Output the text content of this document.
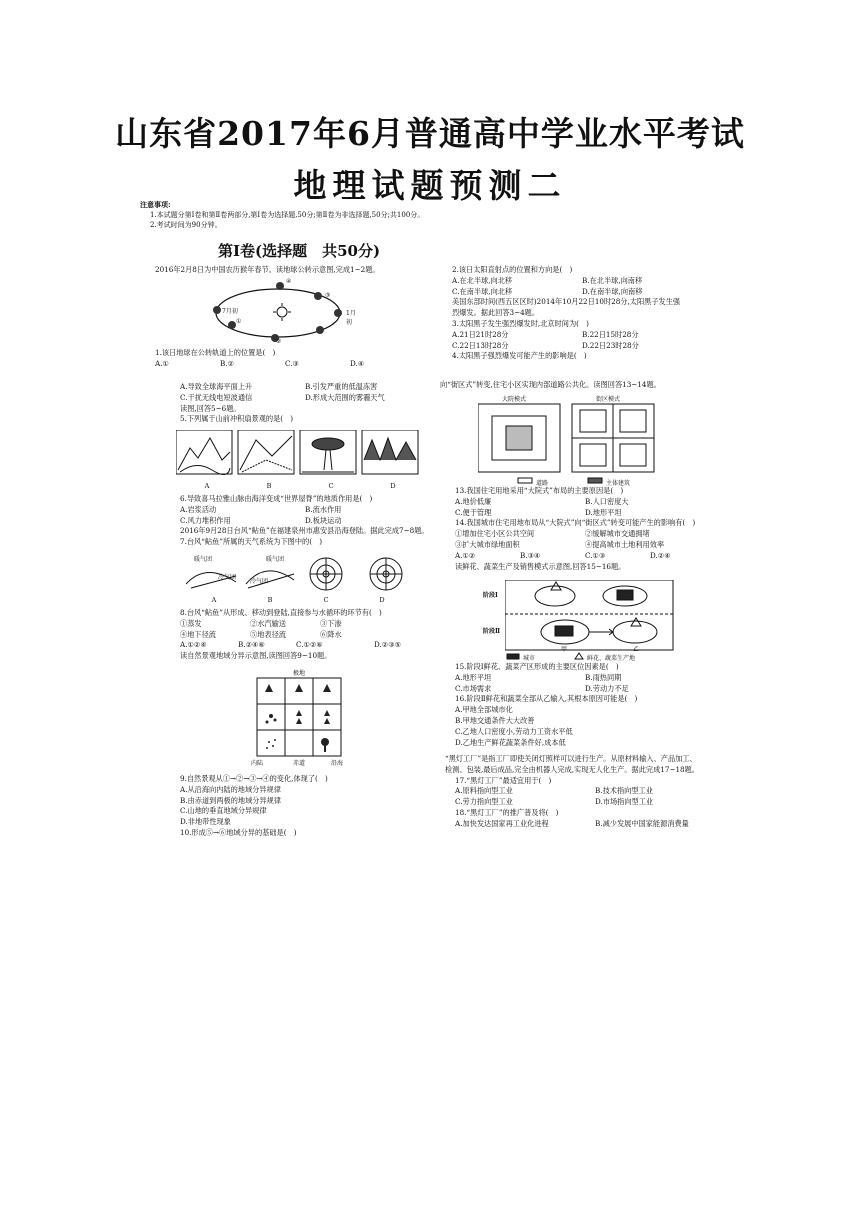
山东省2017年6月普通高中学业水平考试
地理试题预测二
注意事项:
1.本试题分第Ⅰ卷和第Ⅱ卷两部分,第Ⅰ卷为选择题,50分;第Ⅱ卷为非选择题,50分;共100分。
2.考试时间为90分钟。
第Ⅰ卷(选择题　共50分)
2016年2月8日为中国农历猴年春节。读地球公转示意图,完成1~2题。
7月初	1月初
①
②
③
④
1.该日地球在公转轨道上的位置是(　)
A.①	B.②	C.③	D.④
A.导致全球海平面上升	B.引发严重的低温冻害
C.干扰无线电短波通信	D.形成大范围的雾霾天气
读图,回答5~6题。
5.下列属于山前冲积扇景观的是(　)
A	B	C	D
6.导致喜马拉雅山脉由海洋变成“世界屋脊”的地质作用是(　)
A.岩浆活动	B.流水作用
C.风力堆积作用	D.板块运动
2016年9月28日台风“鲇鱼”在福建泉州市惠安县沿海登陆。据此完成7~8题。
7.台风“鲇鱼”所属的天气系统为下图中的(　)
暖气团
冷气团
暖气团
冷气团
A	B	C	D
8.台风“鲇鱼”从形成、移动到登陆,直接参与水循环的环节有(　)
①蒸发	②水汽输送	③下渗
④地下径流	⑤地表径流	⑥降水
A.①②④	B.②④⑥	C.①②⑥	D.②③⑤
读自然景观地域分异示意图,读图回答9~10题。
极地
内陆	赤道	沿海
9.自然景观从①→②→③→④的变化,体现了(　)
A.从沿海向内陆的地域分异规律
B.由赤道到两极的地域分异规律
C.山地的垂直地域分异规律
D.非地带性现象
10.形成⑤→⑥地域分异的基础是(　)
2.该日太阳直射点的位置和方向是(　)
A.在北半球,向北移	B.在北半球,向南移
C.在南半球,向北移	D.在南半球,向南移
美国东部时间(西五区区时)2014年10月22日10时28分,太阳黑子发生强
烈爆发。据此回答3~4题。
3.太阳黑子发生强烈爆发时,北京时间为(　)
A.21日21时28分	B.22日15时28分
C.22日13时28分	D.22日23时28分
4.太阳黑子强烈爆发可能产生的影响是(　)
向“街区式”转变,住宅小区实现内部道路公共化。读图回答13~14题。
大院模式	街区模式
道路	主体建筑
13.我国住宅用地采用“大院式”布局的主要原因是(　)
A.地价低廉	B.人口密度大
C.便于管理	D.地形平坦
14.我国城市住宅用地布局从“大院式”向“街区式”转变可能产生的影响有(　)
①增加住宅小区公共空间	②缓解城市交通拥堵
③扩大城市绿地面积	④提高城市土地利用效率
A.①②	B.③④	C.①③	D.②④
读鲜花、蔬菜生产及销售模式示意图,回答15~16题。
阶段Ⅰ
阶段Ⅱ
甲	乙
城市	鲜花、蔬菜生产地
15.阶段Ⅰ鲜花、蔬菜产区形成的主要区位因素是(　)
A.地形平坦	B.雨热同期
C.市场需求	D.劳动力不足
16.阶段Ⅱ鲜花和蔬菜全部从乙输入,其根本原因可能是(　)
A.甲地全部城市化
B.甲地交通条件大大改善
C.乙地人口密度小,劳动力工资水平低
D.乙地生产鲜花蔬菜条件好,成本低
“黑灯工厂”是指工厂即使关闭灯照样可以进行生产。从原材料输入、产品加工、
检测、包装,最后成品,完全由机器人完成,实现无人化生产。据此完成17~18题。
17.“黑灯工厂”最适宜用于(　)
A.原料指向型工业	B.技术指向型工业
C.劳力指向型工业	D.市场指向型工业
18.“黑灯工厂”的推广普及将(　)
A.加快发达国家再工业化进程	B.减少发展中国家能源消费量
